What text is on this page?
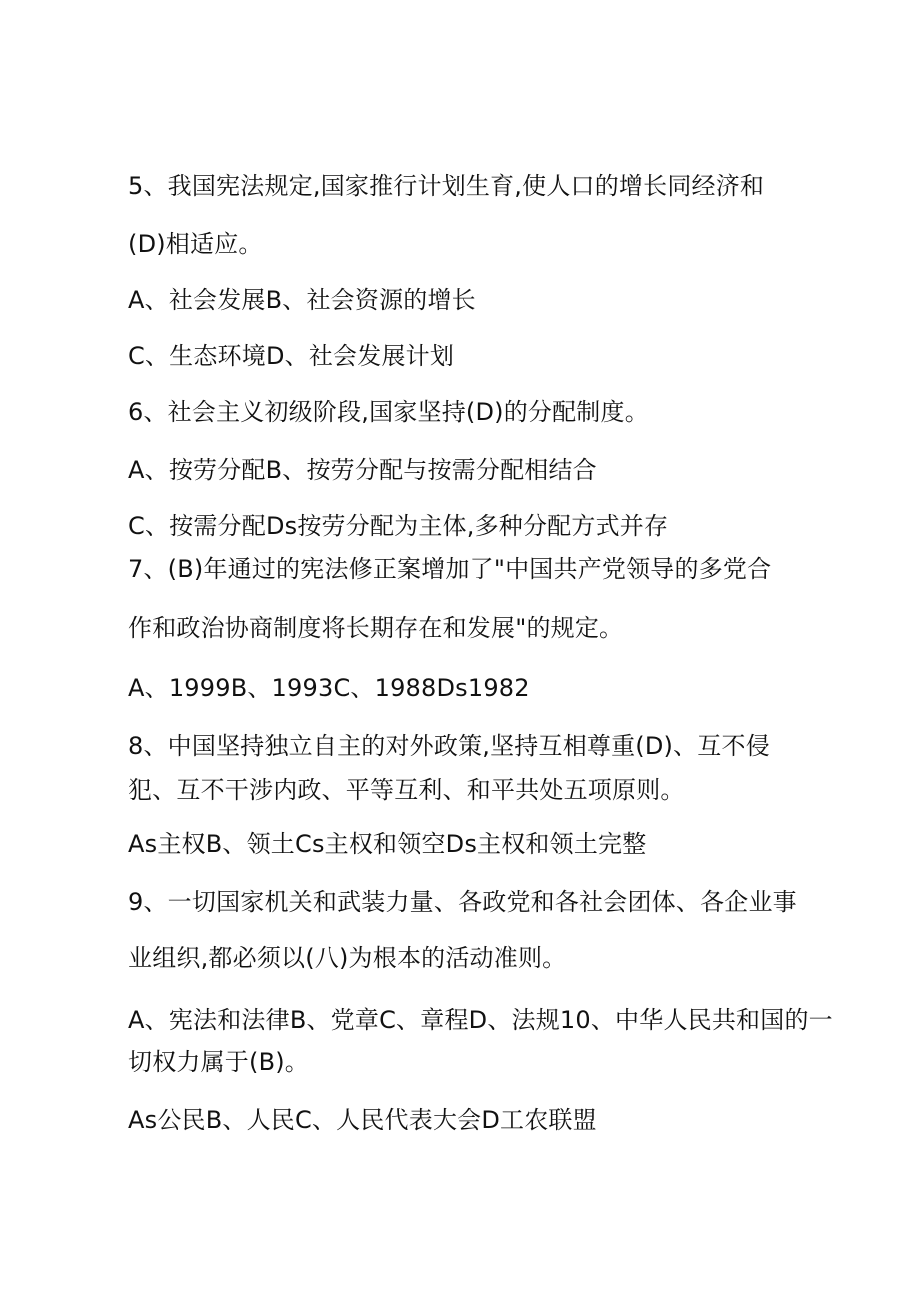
5、我国宪法规定,国家推行计划生育,使人口的增长同经济和
(D)相适应。
A、社会发展B、社会资源的增长
C、生态环境D、社会发展计划
6、社会主义初级阶段,国家坚持(D)的分配制度。
A、按劳分配B、按劳分配与按需分配相结合
C、按需分配Ds按劳分配为主体,多种分配方式并存
7、(B)年通过的宪法修正案增加了"中国共产党领导的多党合
作和政治协商制度将长期存在和发展"的规定。
A、1999B、1993C、1988Ds1982
8、中国坚持独立自主的对外政策,坚持互相尊重(D)、互不侵
犯、互不干涉内政、平等互利、和平共处五项原则。
As主权B、领土Cs主权和领空Ds主权和领土完整
9、一切国家机关和武装力量、各政党和各社会团体、各企业事
业组织,都必须以(八)为根本的活动准则。
A、宪法和法律B、党章C、章程D、法规10、中华人民共和国的一
切权力属于(B)。
As公民B、人民C、人民代表大会D工农联盟
